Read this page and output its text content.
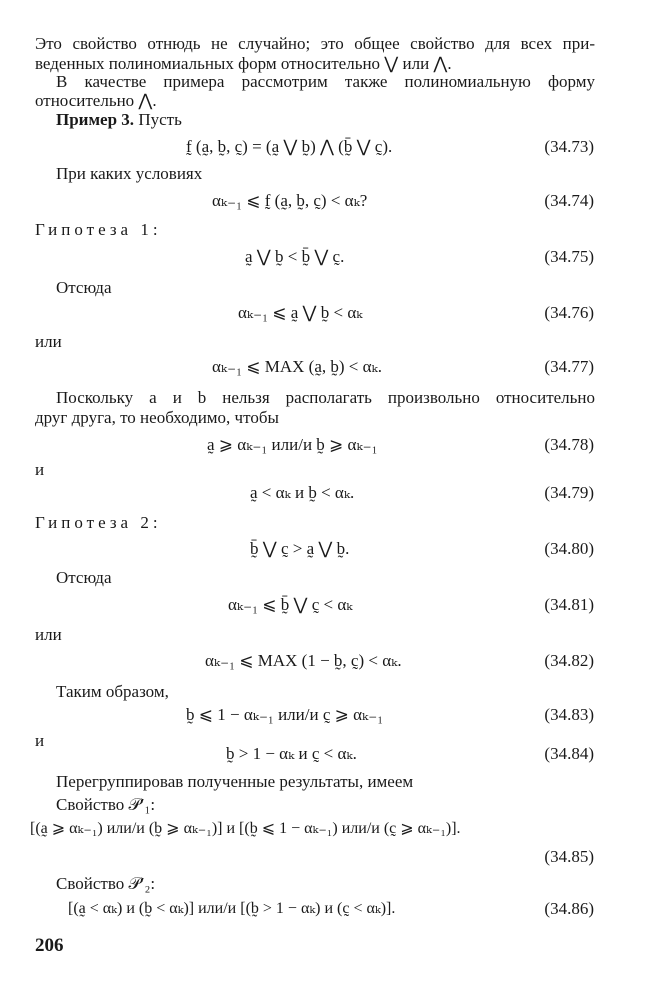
Это свойство отнюдь не случайно; это общее свойство для всех при-
веденных полиномиальных форм относительно ⋁ или ⋀.
В качестве примера рассмотрим также полиномиальную форму
относительно ⋀.
Пример 3. Пусть
f̰ (a̰, b̰, c̰) = (a̰ ⋁ b̰) ⋀ (b̰̄ ⋁ c̰).	(34.73)
При каких условиях
αₖ₋₁ ⩽ f̰ (a̰, b̰, c̰) < αₖ?	(34.74)
Гипотеза 1:
a̰ ⋁ b̰ < b̰̄ ⋁ c̰.	(34.75)
Отсюда
αₖ₋₁ ⩽ a̰ ⋁ b̰ < αₖ	(34.76)
или
αₖ₋₁ ⩽ MAX (a̰, b̰) < αₖ.	(34.77)
Поскольку a и b нельзя располагать произвольно относительно
друг друга, то необходимо, чтобы
a̰ ⩾ αₖ₋₁ или/и b̰ ⩾ αₖ₋₁	(34.78)
и
a̰ < αₖ и b̰ < αₖ.	(34.79)
Гипотеза 2:
b̰̄ ⋁ c̰ > a̰ ⋁ b̰.	(34.80)
Отсюда
αₖ₋₁ ⩽ b̰̄ ⋁ c̰ < αₖ	(34.81)
или
αₖ₋₁ ⩽ MAX (1 − b̰, c̰) < αₖ.	(34.82)
Таким образом,
b̰ ⩽ 1 − αₖ₋₁ или/и c̰ ⩾ αₖ₋₁	(34.83)
и
b̰ > 1 − αₖ и c̰ < αₖ.	(34.84)
Перегруппировав полученные результаты, имеем
Свойство 𝒫′₁:
[(a̰ ⩾ αₖ₋₁) или/и (b̰ ⩾ αₖ₋₁)] и [(b̰ ⩽ 1 − αₖ₋₁) или/и (c̰ ⩾ αₖ₋₁)].
(34.85)
Свойство 𝒫′₂:
[(a̰ < αₖ) и (b̰ < αₖ)] или/и [(b̰ > 1 − αₖ) и (c̰ < αₖ)].	(34.86)
206
